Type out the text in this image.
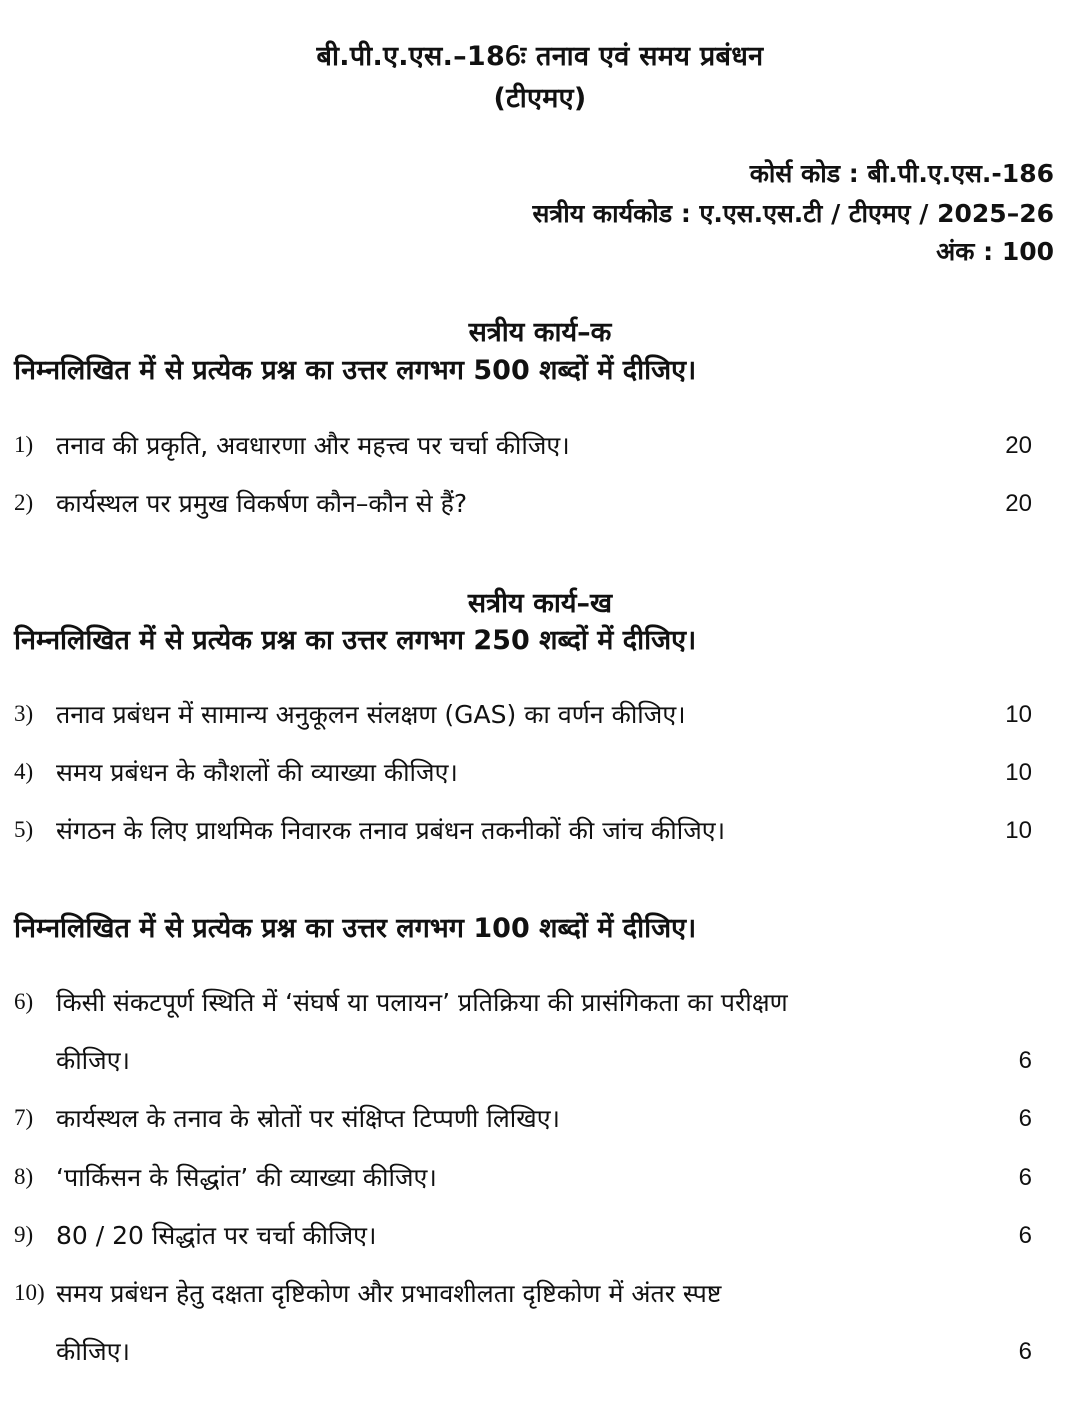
बी.पी.ए.एस.–186ः तनाव एवं समय प्रबंधन
(टीएमए)
कोर्स कोड : बी.पी.ए.एस.-186
सत्रीय कार्यकोड : ए.एस.एस.टी / टीएमए / 2025–26
अंक : 100
सत्रीय कार्य–क
निम्नलिखित में से प्रत्येक प्रश्न का उत्तर लगभग 500 शब्दों में दीजिए।
1) तनाव की प्रकृति, अवधारणा और महत्त्व पर चर्चा कीजिए।	20
2) कार्यस्थल पर प्रमुख विकर्षण कौन–कौन से हैं?	20
सत्रीय कार्य–ख
निम्नलिखित में से प्रत्येक प्रश्न का उत्तर लगभग 250 शब्दों में दीजिए।
3) तनाव प्रबंधन में सामान्य अनुकूलन संलक्षण (GAS) का वर्णन कीजिए।	10
4) समय प्रबंधन के कौशलों की व्याख्या कीजिए।	10
5) संगठन के लिए प्राथमिक निवारक तनाव प्रबंधन तकनीकों की जांच कीजिए।	10
निम्नलिखित में से प्रत्येक प्रश्न का उत्तर लगभग 100 शब्दों में दीजिए।
6) किसी संकटपूर्ण स्थिति में ‘संघर्ष या पलायन’ प्रतिक्रिया की प्रासंगिकता का परीक्षण
कीजिए।	6
7) कार्यस्थल के तनाव के स्रोतों पर संक्षिप्त टिप्पणी लिखिए।	6
8) ‘पार्किसन के सिद्धांत’ की व्याख्या कीजिए।	6
9) 80 / 20 सिद्धांत पर चर्चा कीजिए।	6
10) समय प्रबंधन हेतु दक्षता दृष्टिकोण और प्रभावशीलता दृष्टिकोण में अंतर स्पष्ट
कीजिए।	6
